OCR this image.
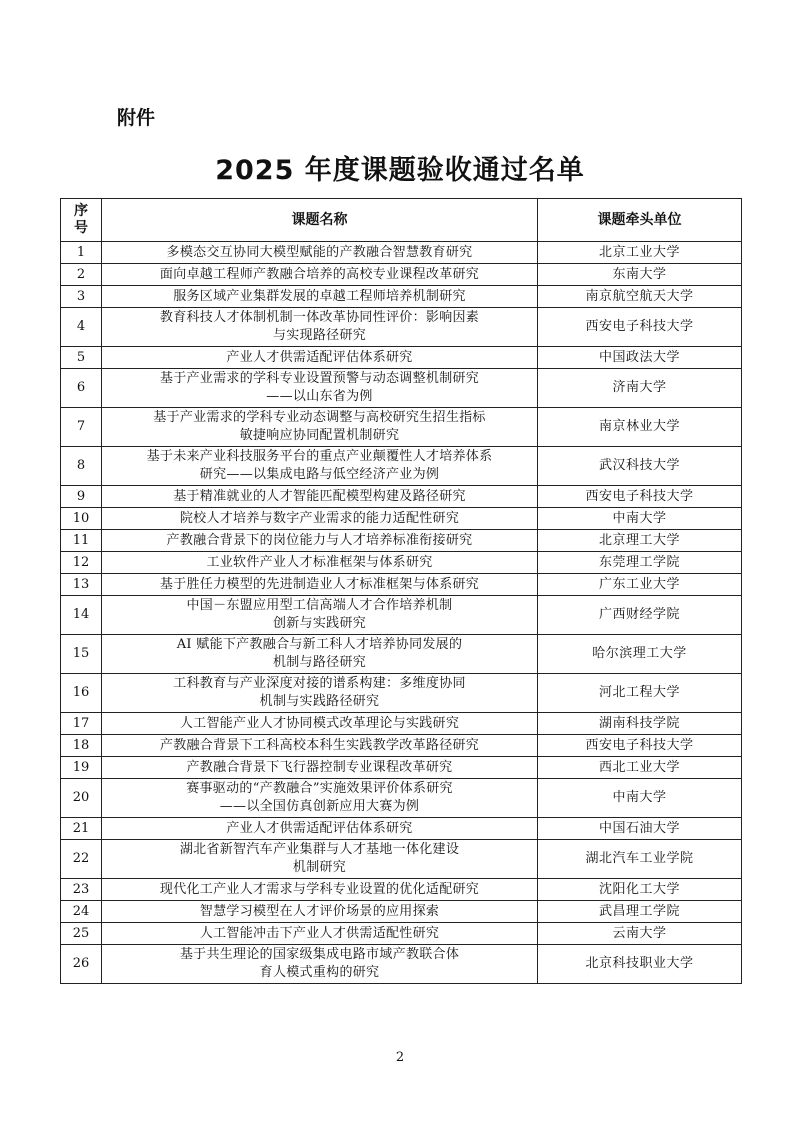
附件
2025 年度课题验收通过名单
序
号	课题名称	课题牵头单位
1	多模态交互协同大模型赋能的产教融合智慧教育研究	北京工业大学
2	面向卓越工程师产教融合培养的高校专业课程改革研究	东南大学
3	服务区域产业集群发展的卓越工程师培养机制研究	南京航空航天大学
4	教育科技人才体制机制一体改革协同性评价：影响因素
与实现路径研究	西安电子科技大学
5	产业人才供需适配评估体系研究	中国政法大学
6	基于产业需求的学科专业设置预警与动态调整机制研究
——以山东省为例	济南大学
7	基于产业需求的学科专业动态调整与高校研究生招生指标
敏捷响应协同配置机制研究	南京林业大学
8	基于未来产业科技服务平台的重点产业颠覆性人才培养体系
研究——以集成电路与低空经济产业为例	武汉科技大学
9	基于精准就业的人才智能匹配模型构建及路径研究	西安电子科技大学
10	院校人才培养与数字产业需求的能力适配性研究	中南大学
11	产教融合背景下的岗位能力与人才培养标准衔接研究	北京理工大学
12	工业软件产业人才标准框架与体系研究	东莞理工学院
13	基于胜任力模型的先进制造业人才标准框架与体系研究	广东工业大学
14	中国－东盟应用型工信高端人才合作培养机制
创新与实践研究	广西财经学院
15	AI 赋能下产教融合与新工科人才培养协同发展的
机制与路径研究	哈尔滨理工大学
16	工科教育与产业深度对接的谱系构建：多维度协同
机制与实践路径研究	河北工程大学
17	人工智能产业人才协同模式改革理论与实践研究	湖南科技学院
18	产教融合背景下工科高校本科生实践教学改革路径研究	西安电子科技大学
19	产教融合背景下飞行器控制专业课程改革研究	西北工业大学
20	赛事驱动的“产教融合”实施效果评价体系研究
——以全国仿真创新应用大赛为例	中南大学
21	产业人才供需适配评估体系研究	中国石油大学
22	湖北省新智汽车产业集群与人才基地一体化建设
机制研究	湖北汽车工业学院
23	现代化工产业人才需求与学科专业设置的优化适配研究	沈阳化工大学
24	智慧学习模型在人才评价场景的应用探索	武昌理工学院
25	人工智能冲击下产业人才供需适配性研究	云南大学
26	基于共生理论的国家级集成电路市域产教联合体
育人模式重构的研究	北京科技职业大学
2
